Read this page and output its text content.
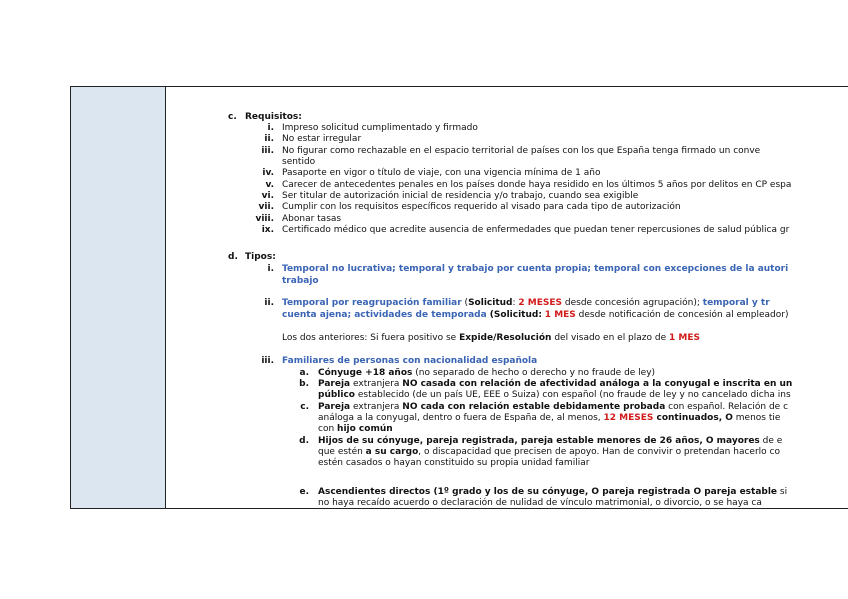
c. Requisitos:
i. Impreso solicitud cumplimentado y firmado
ii. No estar irregular
iii. No figurar como rechazable en el espacio territorial de países con los que España tenga firmado un conve
sentido
iv. Pasaporte en vigor o título de viaje, con una vigencia mínima de 1 año
v. Carecer de antecedentes penales en los países donde haya residido en los últimos 5 años por delitos en CP espa
vi. Ser titular de autorización inicial de residencia y/o trabajo, cuando sea exigible
vii. Cumplir con los requisitos específicos requerido al visado para cada tipo de autorización
viii. Abonar tasas
ix. Certificado médico que acredite ausencia de enfermedades que puedan tener repercusiones de salud pública gr
d. Tipos:
i. Temporal no lucrativa; temporal y trabajo por cuenta propia; temporal con excepciones de la autori
trabajo
ii. Temporal por reagrupación familiar (Solicitud: 2 MESES desde concesión agrupación); temporal y tr
cuenta ajena; actividades de temporada (Solicitud: 1 MES desde notificación de concesión al empleador)
Los dos anteriores: Si fuera positivo se Expide/Resolución del visado en el plazo de 1 MES
iii. Familiares de personas con nacionalidad española
a. Cónyuge +18 años (no separado de hecho o derecho y no fraude de ley)
b. Pareja extranjera NO casada con relación de afectividad análoga a la conyugal e inscrita en un
público establecido (de un país UE, EEE o Suiza) con español (no fraude de ley y no cancelado dicha ins
c. Pareja extranjera NO cada con relación estable debidamente probada con español. Relación de c
análoga a la conyugal, dentro o fuera de España de, al menos, 12 MESES continuados, O menos tie
con hijo común
d. Hijos de su cónyuge, pareja registrada, pareja estable menores de 26 años, O mayores de e
que estén a su cargo, o discapacidad que precisen de apoyo. Han de convivir o pretendan hacerlo co
estén casados o hayan constituido su propia unidad familiar
e. Ascendientes directos (1º grado y los de su cónyuge, O pareja registrada O pareja estable si
no haya recaído acuerdo o declaración de nulidad de vínculo matrimonial, o divorcio, o se haya ca
